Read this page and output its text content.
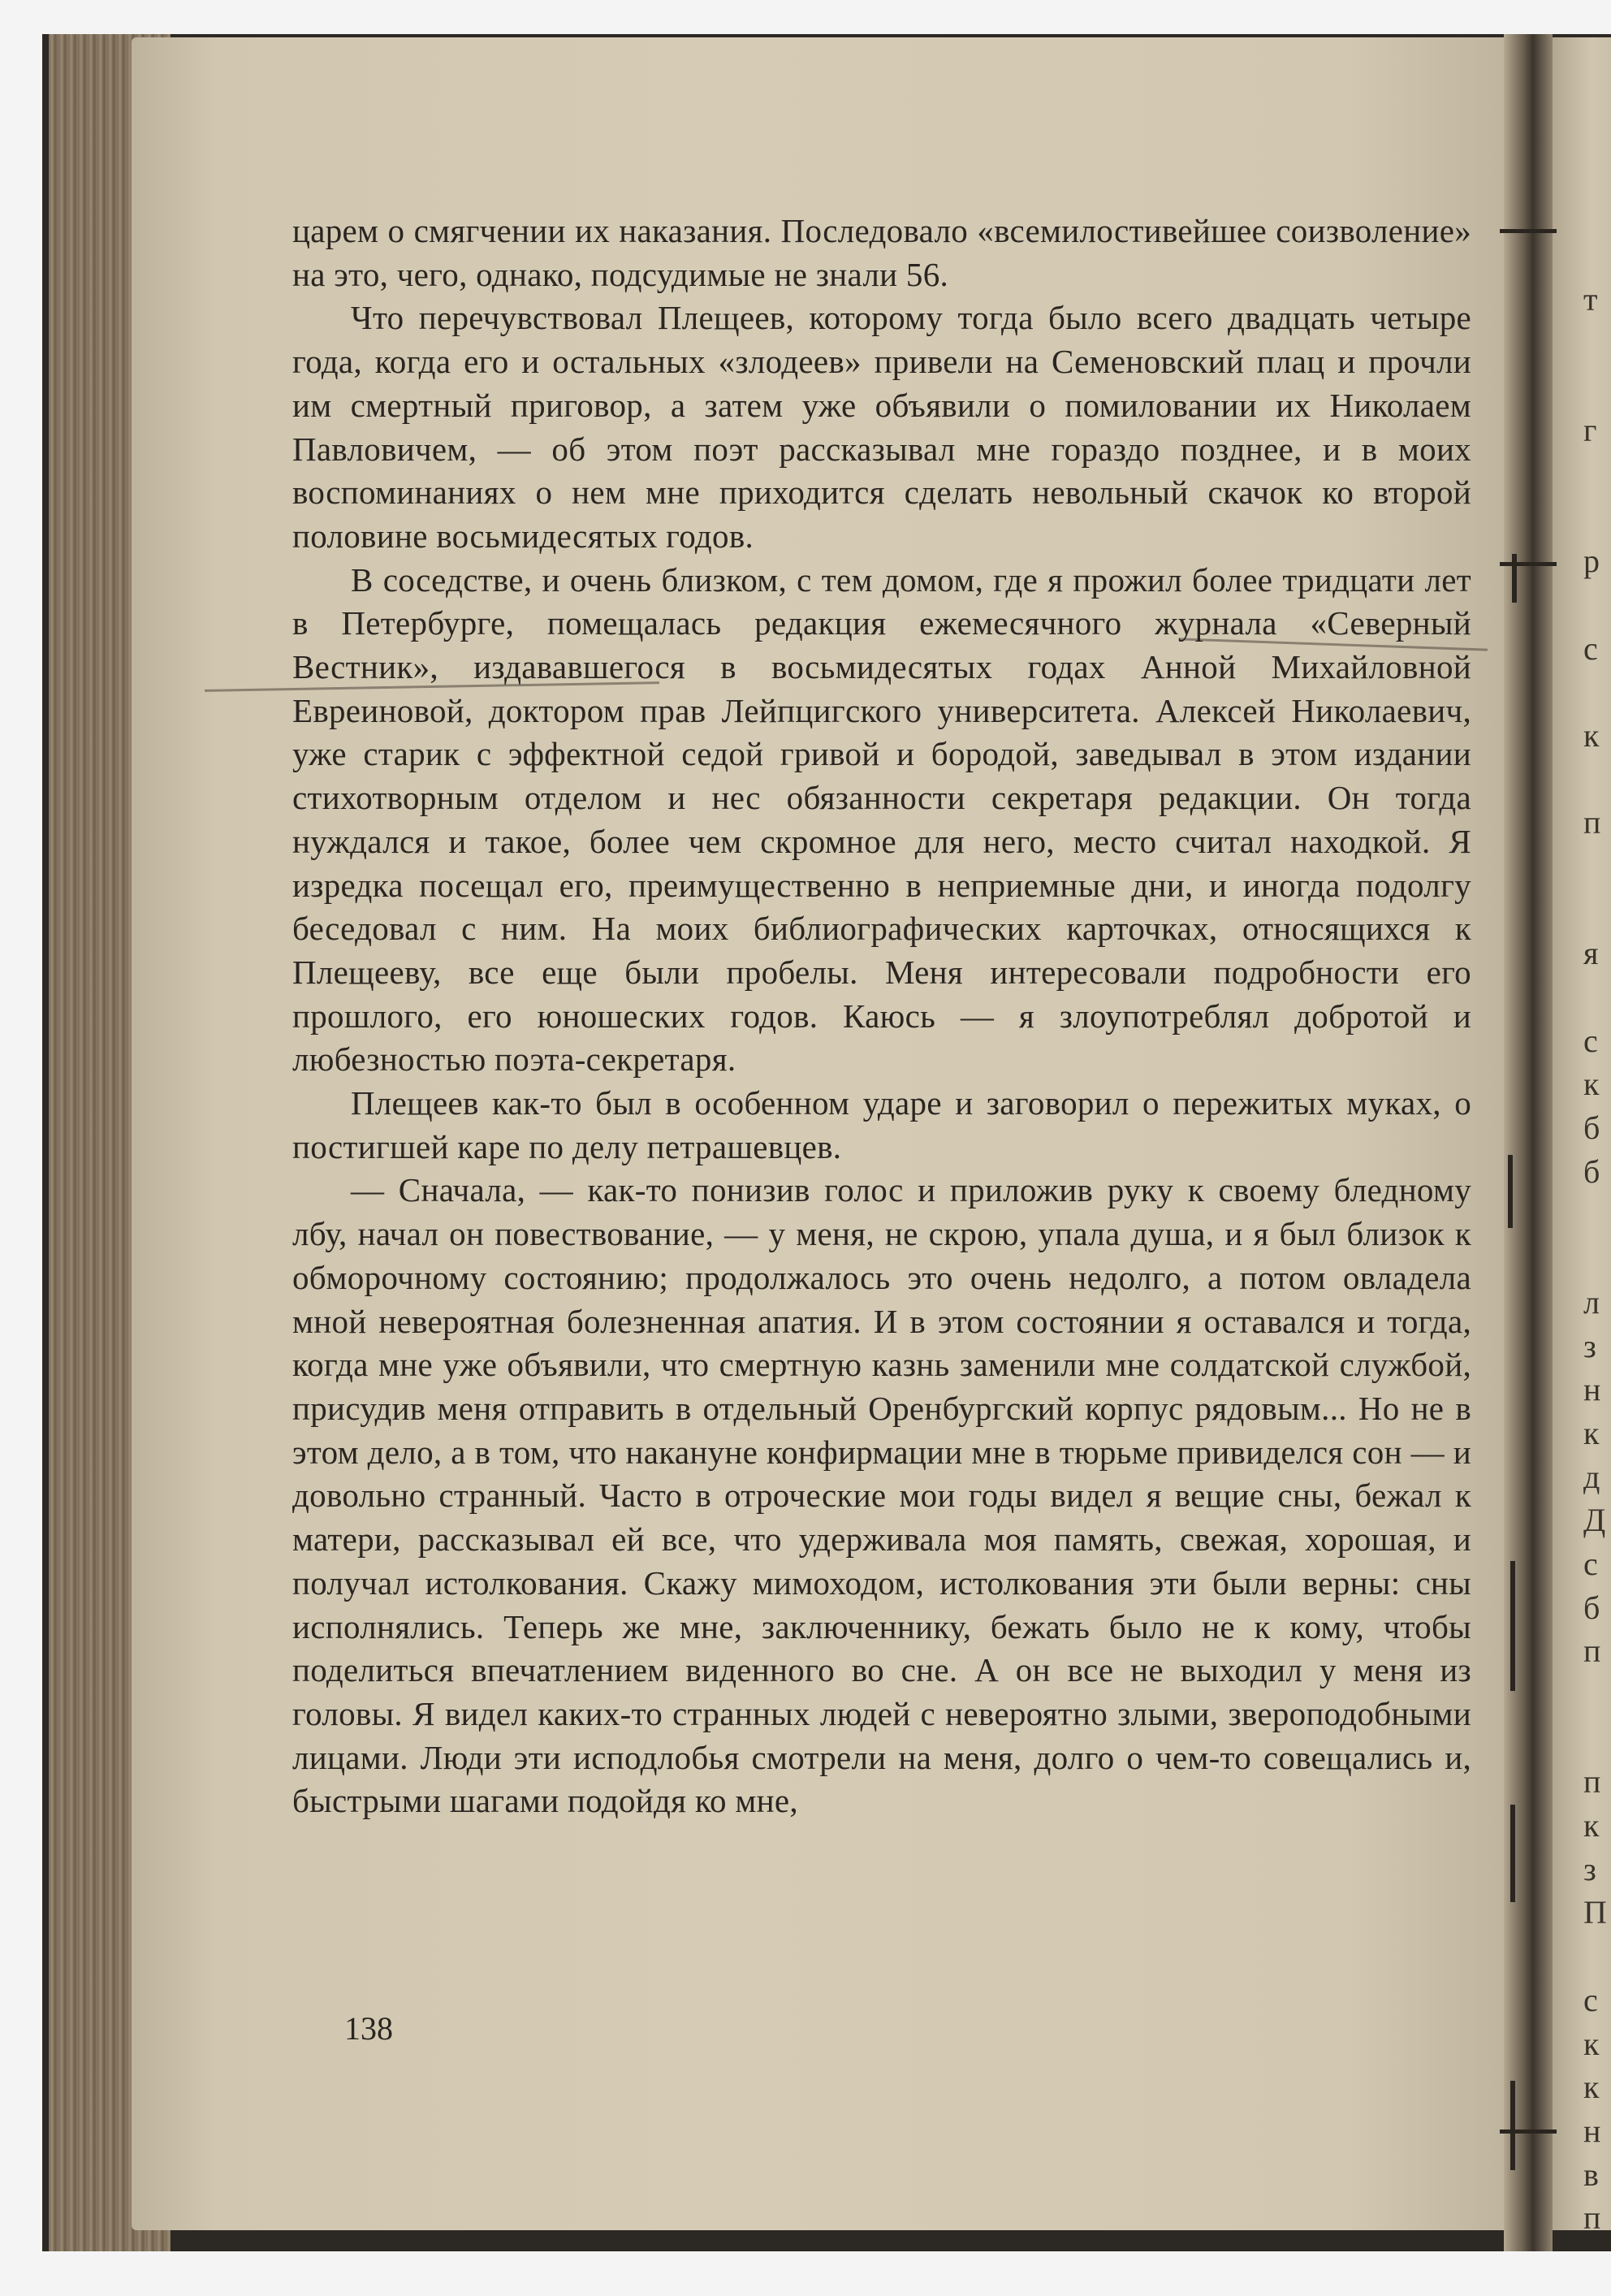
царем о смягчении их наказания. Последовало «всемилостивейшее соизволение» на это, чего, однако, подсудимые не знали 56.

Что перечувствовал Плещеев, которому тогда было всего двадцать четыре года, когда его и остальных «злодеев» привели на Семеновский плац и прочли им смертный приговор, а затем уже объявили о помиловании их Николаем Павловичем, — об этом поэт рассказывал мне гораздо позднее, и в моих воспоминаниях о нем мне приходится сделать невольный скачок ко второй половине восьмидесятых годов.

В соседстве, и очень близком, с тем домом, где я прожил более тридцати лет в Петербурге, помещалась редакция ежемесячного журнала «Северный Вестник», издававшегося в восьмидесятых годах Анной Михайловной Евреиновой, доктором прав Лейпцигского университета. Алексей Николаевич, уже старик с эффектной седой гривой и бородой, заведывал в этом издании стихотворным отделом и нес обязанности секретаря редакции. Он тогда нуждался и такое, более чем скромное для него, место считал находкой. Я изредка посещал его, преимущественно в неприемные дни, и иногда подолгу беседовал с ним. На моих библиографических карточках, относящихся к Плещееву, все еще были пробелы. Меня интересовали подробности его прошлого, его юношеских годов. Каюсь — я злоупотреблял добротой и любезностью поэта-секретаря.

Плещеев как-то был в особенном ударе и заговорил о пережитых муках, о постигшей каре по делу петрашевцев.

— Сначала, — как-то понизив голос и приложив руку к своему бледному лбу, начал он повествование, — у меня, не скрою, упала душа, и я был близок к обморочному состоянию; продолжалось это очень недолго, а потом овладела мной невероятная болезненная апатия. И в этом состоянии я оставался и тогда, когда мне уже объявили, что смертную казнь заменили мне солдатской службой, присудив меня отправить в отдельный Оренбургский корпус рядовым... Но не в этом дело, а в том, что накануне конфирмации мне в тюрьме привиделся сон — и довольно странный. Часто в отроческие мои годы видел я вещие сны, бежал к матери, рассказывал ей все, что удерживала моя память, свежая, хорошая, и получал истолкования. Скажу мимоходом, истолкования эти были верны: сны исполнялись. Теперь же мне, заключеннику, бежать было не к кому, чтобы поделиться впечатлением виденного во сне. А он все не выходил у меня из головы. Я видел каких-то странных людей с невероятно злыми, звероподобными лицами. Люди эти исподлобья смотрели на меня, долго о чем-то совещались и, быстрыми шагами подойдя ко мне,

138
т
г
р
с
к
п
я
с
к
б
б
л
з
н
к
д
Д
с
б
п
п
к
з
П
с
к
к
н
в
п
